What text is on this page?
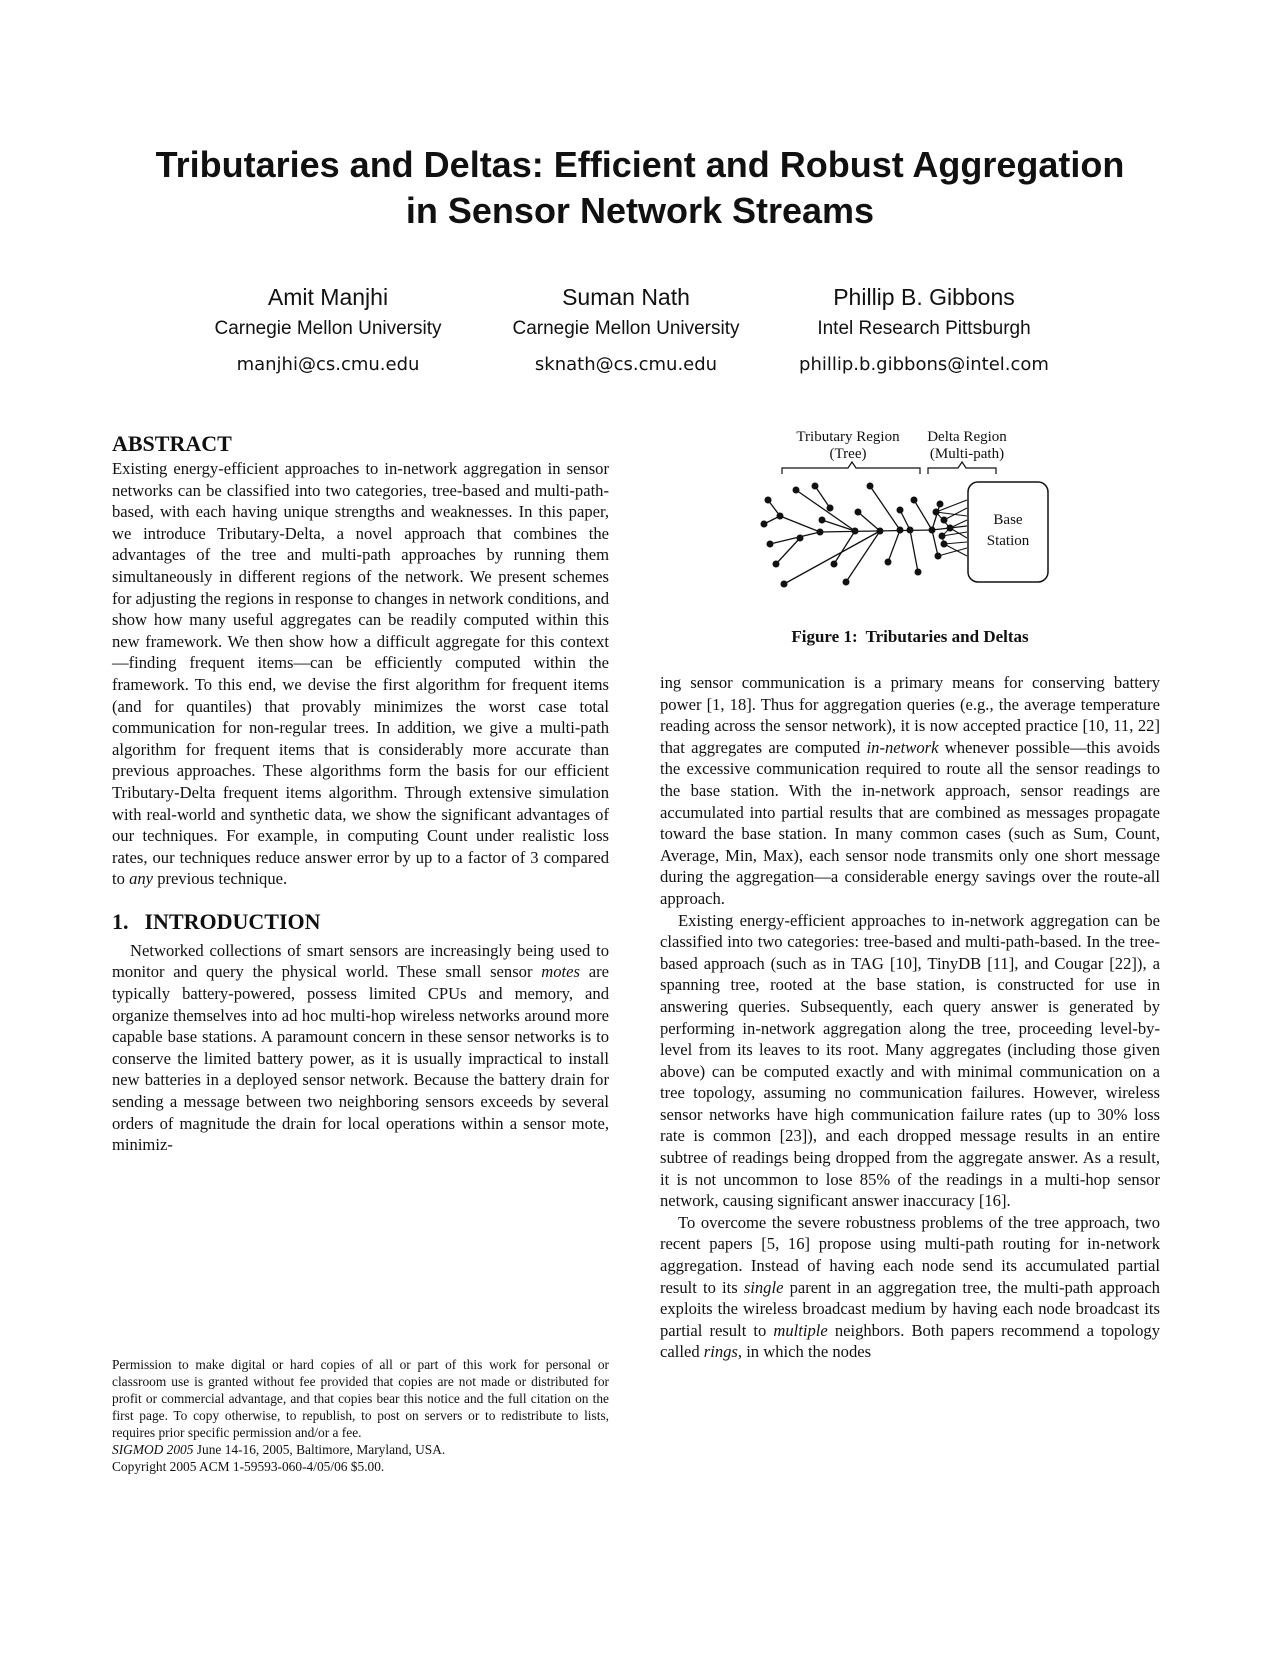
Tributaries and Deltas: Efficient and Robust Aggregation
in Sensor Network Streams
Amit Manjhi
Carnegie Mellon University
manjhi@cs.cmu.edu
Suman Nath
Carnegie Mellon University
sknath@cs.cmu.edu
Phillip B. Gibbons
Intel Research Pittsburgh
phillip.b.gibbons@intel.com
ABSTRACT

Existing energy-efficient approaches to in-network aggregation in sensor networks can be classified into two categories, tree-based and multi-path-based, with each having unique strengths and weaknesses. In this paper, we introduce Tributary-Delta, a novel approach that combines the advantages of the tree and multi-path approaches by running them simultaneously in different regions of the network. We present schemes for adjusting the regions in response to changes in network conditions, and show how many useful aggregates can be readily computed within this new framework. We then show how a difficult aggregate for this context—finding frequent items—can be efficiently computed within the framework. To this end, we devise the first algorithm for frequent items (and for quantiles) that provably minimizes the worst case total communication for non-regular trees. In addition, we give a multi-path algorithm for frequent items that is considerably more accurate than previous approaches. These algorithms form the basis for our efficient Tributary-Delta frequent items algorithm. Through extensive simulation with real-world and synthetic data, we show the significant advantages of our techniques. For example, in computing Count under realistic loss rates, our techniques reduce answer error by up to a factor of 3 compared to any previous technique.

1. INTRODUCTION

Networked collections of smart sensors are increasingly being used to monitor and query the physical world. These small sensor motes are typically battery-powered, possess limited CPUs and memory, and organize themselves into ad hoc multi-hop wireless networks around more capable base stations. A paramount concern in these sensor networks is to conserve the limited battery power, as it is usually impractical to install new batteries in a deployed sensor network. Because the battery drain for sending a message between two neighboring sensors exceeds by several orders of magnitude the drain for local operations within a sensor mote, minimiz-

Permission to make digital or hard copies of all or part of this work for personal or classroom use is granted without fee provided that copies are not made or distributed for profit or commercial advantage, and that copies bear this notice and the full citation on the first page. To copy otherwise, to republish, to post on servers or to redistribute to lists, requires prior specific permission and/or a fee.

SIGMOD 2005 June 14-16, 2005, Baltimore, Maryland, USA.

Copyright 2005 ACM 1-59593-060-4/05/06 $5.00.

Tributary Region
(Tree)
Delta Region
(Multi-path)
Base
Station
Figure 1: Tributaries and Deltas

ing sensor communication is a primary means for conserving battery power [1, 18]. Thus for aggregation queries (e.g., the average temperature reading across the sensor network), it is now accepted practice [10, 11, 22] that aggregates are computed in-network whenever possible—this avoids the excessive communication required to route all the sensor readings to the base station. With the in-network approach, sensor readings are accumulated into partial results that are combined as messages propagate toward the base station. In many common cases (such as Sum, Count, Average, Min, Max), each sensor node transmits only one short message during the aggregation—a considerable energy savings over the route-all approach.

Existing energy-efficient approaches to in-network aggregation can be classified into two categories: tree-based and multi-path-based. In the tree-based approach (such as in TAG [10], TinyDB [11], and Cougar [22]), a spanning tree, rooted at the base station, is constructed for use in answering queries. Subsequently, each query answer is generated by performing in-network aggregation along the tree, proceeding level-by-level from its leaves to its root. Many aggregates (including those given above) can be computed exactly and with minimal communication on a tree topology, assuming no communication failures. However, wireless sensor networks have high communication failure rates (up to 30% loss rate is common [23]), and each dropped message results in an entire subtree of readings being dropped from the aggregate answer. As a result, it is not uncommon to lose 85% of the readings in a multi-hop sensor network, causing significant answer inaccuracy [16].

To overcome the severe robustness problems of the tree approach, two recent papers [5, 16] propose using multi-path routing for in-network aggregation. Instead of having each node send its accumulated partial result to its single parent in an aggregation tree, the multi-path approach exploits the wireless broadcast medium by having each node broadcast its partial result to multiple neighbors. Both papers recommend a topology called rings, in which the nodes
